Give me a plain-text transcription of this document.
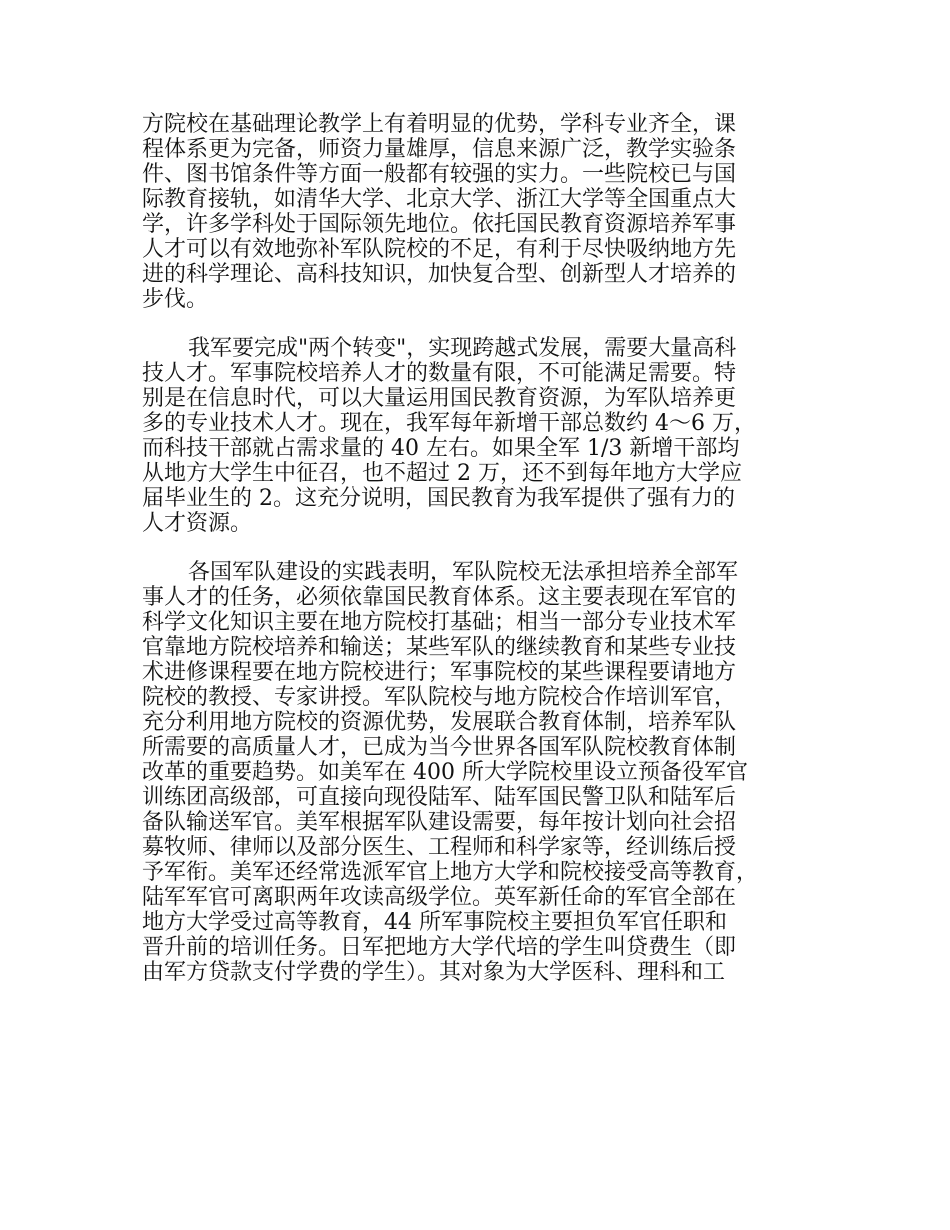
方院校在基础理论教学上有着明显的优势，学科专业齐全，课
程体系更为完备，师资力量雄厚，信息来源广泛，教学实验条
件、图书馆条件等方面一般都有较强的实力。一些院校已与国
际教育接轨，如清华大学、北京大学、浙江大学等全国重点大
学，许多学科处于国际领先地位。依托国民教育资源培养军事
人才可以有效地弥补军队院校的不足，有利于尽快吸纳地方先
进的科学理论、高科技知识，加快复合型、创新型人才培养的
步伐。
我军要完成"两个转变"，实现跨越式发展，需要大量高科
技人才。军事院校培养人才的数量有限，不可能满足需要。特
别是在信息时代，可以大量运用国民教育资源，为军队培养更
多的专业技术人才。现在，我军每年新增干部总数约 4～6 万，
而科技干部就占需求量的 40 左右。如果全军 1/3 新增干部均
从地方大学生中征召，也不超过 2 万，还不到每年地方大学应
届毕业生的 2。这充分说明，国民教育为我军提供了强有力的
人才资源。
各国军队建设的实践表明，军队院校无法承担培养全部军
事人才的任务，必须依靠国民教育体系。这主要表现在军官的
科学文化知识主要在地方院校打基础；相当一部分专业技术军
官靠地方院校培养和输送；某些军队的继续教育和某些专业技
术进修课程要在地方院校进行；军事院校的某些课程要请地方
院校的教授、专家讲授。军队院校与地方院校合作培训军官，
充分利用地方院校的资源优势，发展联合教育体制，培养军队
所需要的高质量人才，已成为当今世界各国军队院校教育体制
改革的重要趋势。如美军在 400 所大学院校里设立预备役军官
训练团高级部，可直接向现役陆军、陆军国民警卫队和陆军后
备队输送军官。美军根据军队建设需要，每年按计划向社会招
募牧师、律师以及部分医生、工程师和科学家等，经训练后授
予军衔。美军还经常选派军官上地方大学和院校接受高等教育，
陆军军官可离职两年攻读高级学位。英军新任命的军官全部在
地方大学受过高等教育，44 所军事院校主要担负军官任职和
晋升前的培训任务。日军把地方大学代培的学生叫贷费生（即
由军方贷款支付学费的学生）。其对象为大学医科、理科和工
